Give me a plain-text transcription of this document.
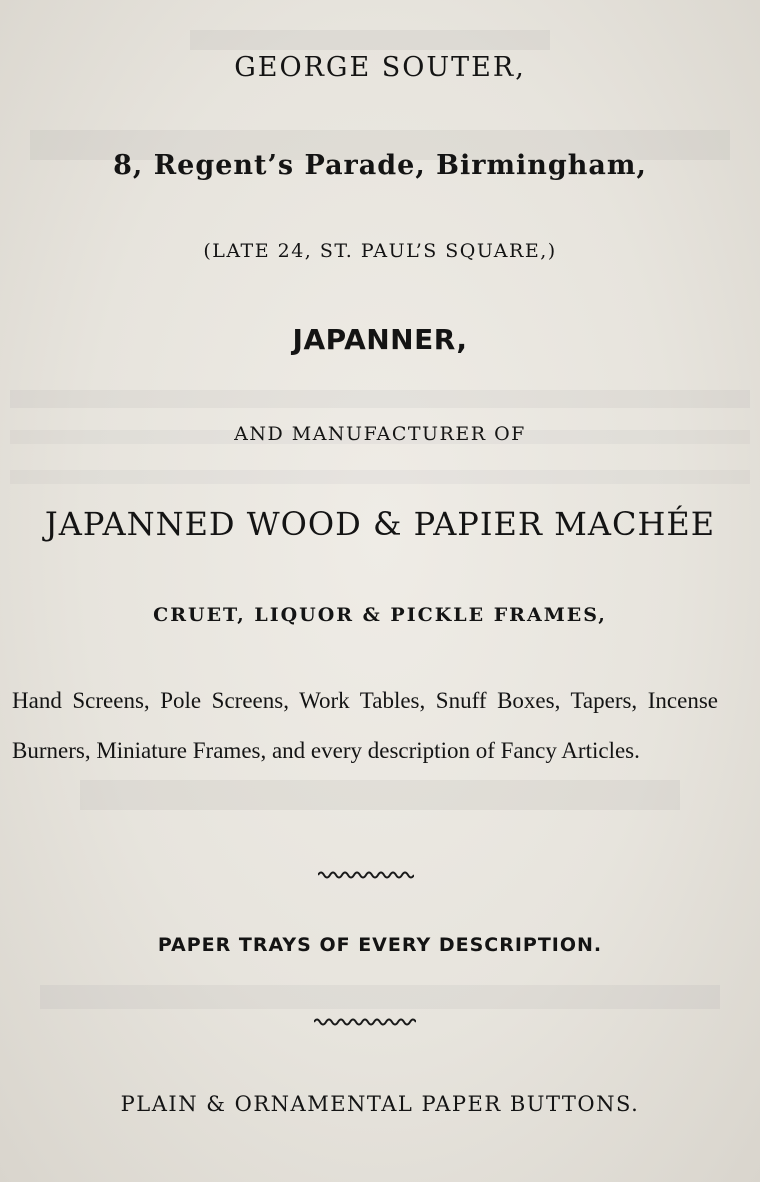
GEORGE SOUTER,
8, Regent’s Parade, Birmingham,
(LATE 24, ST. PAUL’S SQUARE,)
JAPANNER,
AND MANUFACTURER OF
JAPANNED WOOD & PAPIER MACHÉE
CRUET, LIQUOR & PICKLE FRAMES,

Hand Screens, Pole Screens, Work Tables, Snuff Boxes, Tapers, Incense Burners, Miniature Frames, and every description of Fancy Articles.

PAPER TRAYS OF EVERY DESCRIPTION.
PLAIN & ORNAMENTAL PAPER BUTTONS.
